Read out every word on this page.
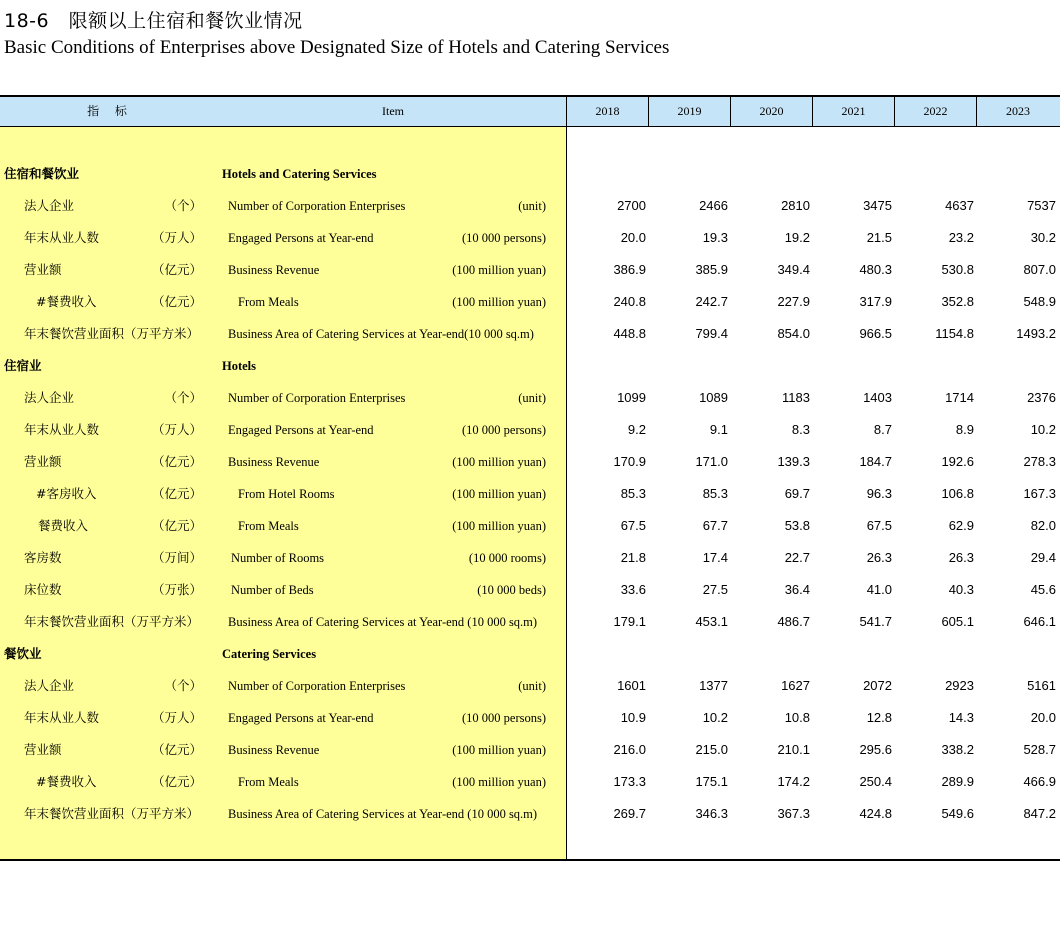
18-6　限额以上住宿和餐饮业情况
Basic Conditions of Enterprises above Designated Size of Hotels and Catering Services
指 标	Item	2018	2019	2020	2021	2022	2023
住宿和餐饮业	Hotels and Catering Services
法人企业	（个） Number of Corporation Enterprises	(unit)	2700	2466	2810	3475	4637	7537
年末从业人数	（万人） Engaged Persons at Year-end	(10 000 persons)	20.0	19.3	19.2	21.5	23.2	30.2
营业额	（亿元） Business Revenue	(100 million yuan)	386.9	385.9	349.4	480.3	530.8	807.0
#餐费收入	（亿元）	From Meals	(100 million yuan)	240.8	242.7	227.9	317.9	352.8	548.9
年末餐饮营业面积（万平方米） Business Area of Catering Services at Year-end(10 000 sq.m)	448.8	799.4	854.0	966.5	1154.8	1493.2
住宿业	Hotels
法人企业	（个） Number of Corporation Enterprises	(unit)	1099	1089	1183	1403	1714	2376
年末从业人数	（万人） Engaged Persons at Year-end	(10 000 persons)	9.2	9.1	8.3	8.7	8.9	10.2
营业额	（亿元） Business Revenue	(100 million yuan)	170.9	171.0	139.3	184.7	192.6	278.3
#客房收入	（亿元）	From Hotel Rooms	(100 million yuan)	85.3	85.3	69.7	96.3	106.8	167.3
餐费收入	（亿元）	From Meals	(100 million yuan)	67.5	67.7	53.8	67.5	62.9	82.0
客房数	（万间） Number of Rooms	(10 000 rooms)	21.8	17.4	22.7	26.3	26.3	29.4
床位数	（万张） Number of Beds	(10 000 beds)	33.6	27.5	36.4	41.0	40.3	45.6
年末餐饮营业面积（万平方米） Business Area of Catering Services at Year-end (10 000 sq.m)	179.1	453.1	486.7	541.7	605.1	646.1
餐饮业	Catering Services
法人企业	（个） Number of Corporation Enterprises	(unit)	1601	1377	1627	2072	2923	5161
年末从业人数	（万人） Engaged Persons at Year-end	(10 000 persons)	10.9	10.2	10.8	12.8	14.3	20.0
营业额	（亿元） Business Revenue	(100 million yuan)	216.0	215.0	210.1	295.6	338.2	528.7
#餐费收入	（亿元）	From Meals	(100 million yuan)	173.3	175.1	174.2	250.4	289.9	466.9
年末餐饮营业面积（万平方米） Business Area of Catering Services at Year-end (10 000 sq.m)	269.7	346.3	367.3	424.8	549.6	847.2
